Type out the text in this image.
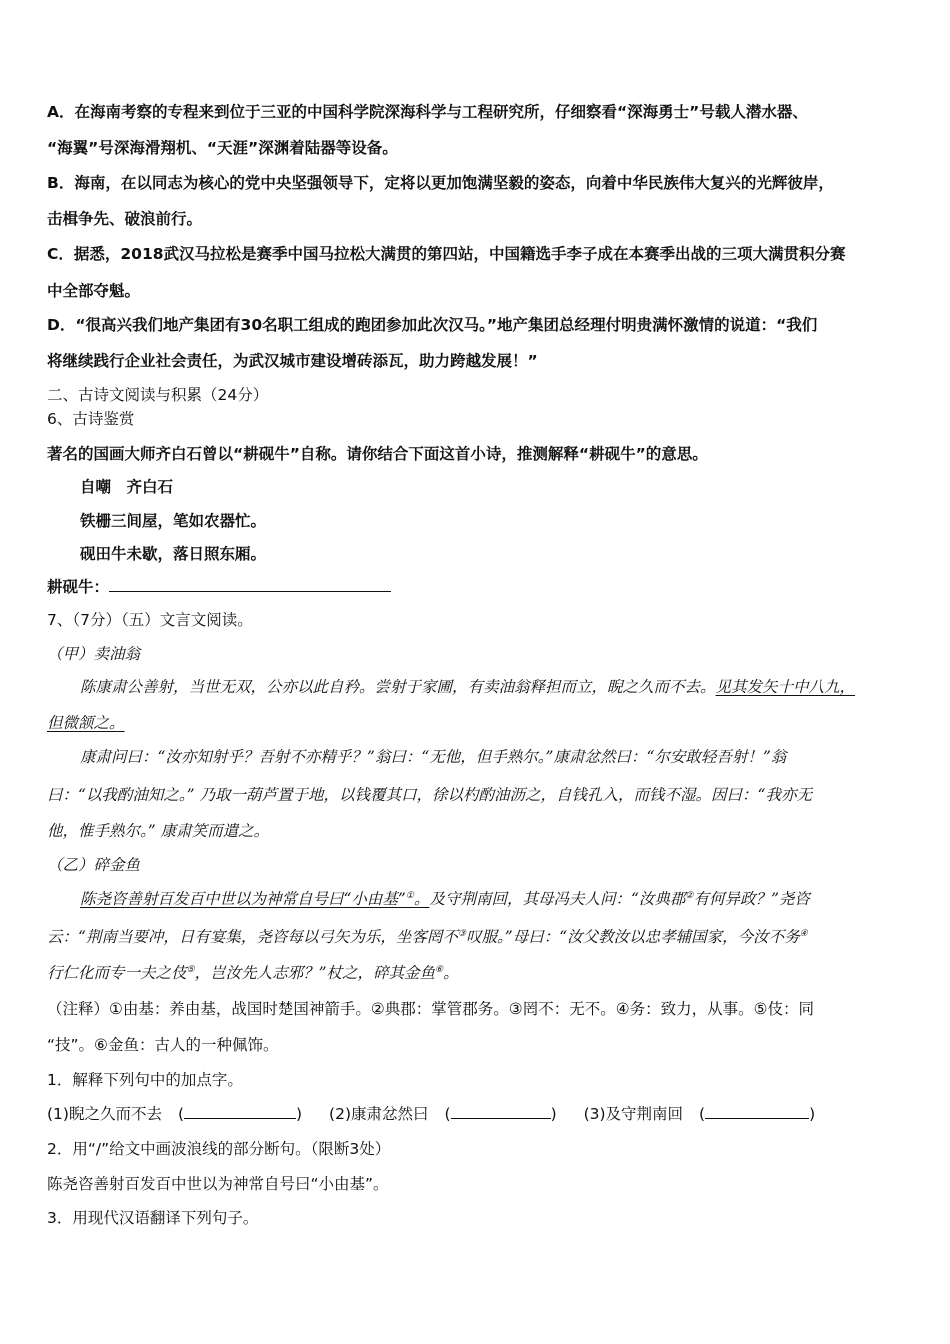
A．在海南考察的专程来到位于三亚的中国科学院深海科学与工程研究所，仔细察看“深海勇士”号载人潜水器、
“海翼”号深海滑翔机、“天涯”深渊着陆器等设备。
B．海南，在以同志为核心的党中央坚强领导下，定将以更加饱满坚毅的姿态，向着中华民族伟大复兴的光辉彼岸，
击楫争先、破浪前行。
C．据悉，2018武汉马拉松是赛季中国马拉松大满贯的第四站，中国籍选手李子成在本赛季出战的三项大满贯积分赛
中全部夺魁。
D．“很高兴我们地产集团有30名职工组成的跑团参加此次汉马。”地产集团总经理付明贵满怀激情的说道：“我们
将继续践行企业社会责任，为武汉城市建设增砖添瓦，助力跨越发展！”
二、古诗文阅读与积累（24分）
6、古诗鉴赏
著名的国画大师齐白石曾以“耕砚牛”自称。请你结合下面这首小诗，推测解释“耕砚牛”的意思。
自嘲　齐白石
铁栅三间屋，笔如农器忙。
砚田牛未歇，落日照东厢。
耕砚牛：
7、（7分）（五）文言文阅读。
（甲）卖油翁
陈康肃公善射，当世无双，公亦以此自矜。尝射于家圃，有卖油翁释担而立，睨之久而不去。见其发矢十中八九，
但微颔之。
康肃问曰：“汝亦知射乎？吾射不亦精乎？”翁曰：“无他，但手熟尔。”康肃忿然曰：“尔安敢轻吾射！”翁
曰：“以我酌油知之。” 乃取一葫芦置于地，以钱覆其口，徐以杓酌油沥之，自钱孔入，而钱不湿。因曰：“我亦无
他，惟手熟尔。” 康肃笑而遣之。
（乙）碎金鱼
陈尧咨善射百发百中世以为神常自号曰“小由基”①。及守荆南回，其母冯夫人问：“汝典郡②有何异政？”尧咨
云：“荆南当要冲，日有宴集，尧咨每以弓矢为乐，坐客罔不③叹服。”母曰：“汝父教汝以忠孝辅国家，今汝不务④
行仁化而专一夫之伎⑤，岂汝先人志邪？”杖之，碎其金鱼⑥。
（注释）①由基：养由基，战国时楚国神箭手。②典郡：掌管郡务。③罔不：无不。④务：致力，从事。⑤伎：同
“技”。⑥金鱼：古人的一种佩饰。
1．解释下列句中的加点字。
(1)睨之久而不去 (	) (2)康肃忿然曰 (	) (3)及守荆南回 (	)
2．用“/”给文中画波浪线的部分断句。（限断3处）
陈尧咨善射百发百中世以为神常自号曰“小由基”。
3．用现代汉语翻译下列句子。
